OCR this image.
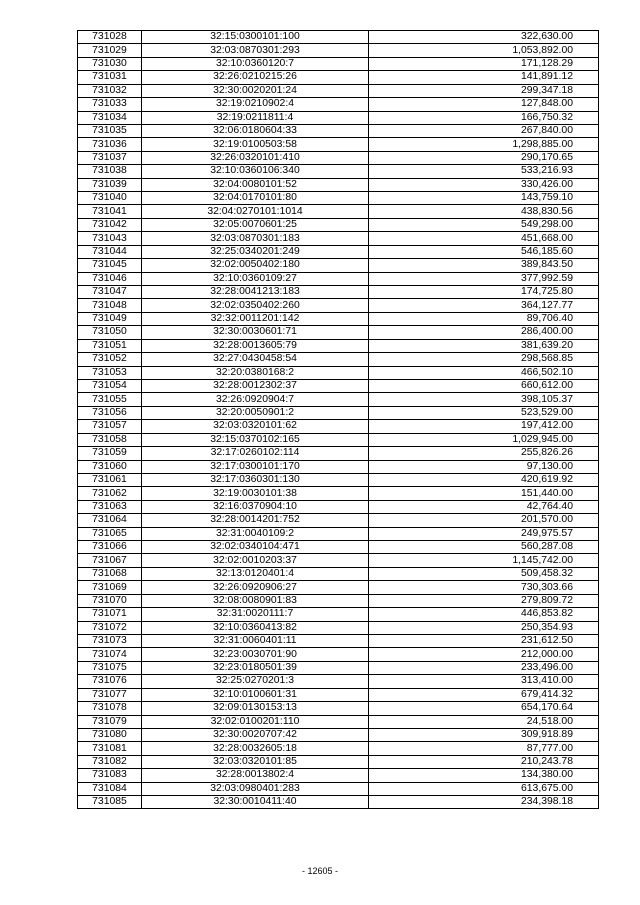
731028	32:15:0300101:100	322,630.00
731029	32:03:0870301:293	1,053,892.00
731030	32:10:0360120:7	171,128.29
731031	32:26:0210215:26	141,891.12
731032	32:30:0020201:24	299,347.18
731033	32:19:0210902:4	127,848.00
731034	32:19:0211811:4	166,750.32
731035	32:06:0180604:33	267,840.00
731036	32:19:0100503:58	1,298,885.00
731037	32:26:0320101:410	290,170.65
731038	32:10:0360106:340	533,216.93
731039	32:04:0080101:52	330,426.00
731040	32:04:0170101:80	143,759.10
731041	32:04:0270101:1014	438,830.56
731042	32:05:0070601:25	549,298.00
731043	32:03:0870301:183	451,668.00
731044	32:25:0340201:249	546,185.60
731045	32:02:0050402:180	389,843.50
731046	32:10:0360109:27	377,992.59
731047	32:28:0041213:183	174,725.80
731048	32:02:0350402:260	364,127.77
731049	32:32:0011201:142	89,706.40
731050	32:30:0030601:71	286,400.00
731051	32:28:0013605:79	381,639.20
731052	32:27:0430458:54	298,568.85
731053	32:20:0380168:2	466,502.10
731054	32:28:0012302:37	660,612.00
731055	32:26:0920904:7	398,105.37
731056	32:20:0050901:2	523,529.00
731057	32:03:0320101:62	197,412.00
731058	32:15:0370102:165	1,029,945.00
731059	32:17:0260102:114	255,826.26
731060	32:17:0300101:170	97,130.00
731061	32:17:0360301:130	420,619.92
731062	32:19:0030101:38	151,440.00
731063	32:16:0370904:10	42,764.40
731064	32:28:0014201:752	201,570.00
731065	32:31:0040109:2	249,975.57
731066	32:02:0340104:471	560,287.08
731067	32:02:0010203:37	1,145,742.00
731068	32:13:0120401:4	509,458.32
731069	32:26:0920906:27	730,303.66
731070	32:08:0080901:83	279,809.72
731071	32:31:0020111:7	446,853.82
731072	32:10:0360413:82	250,354.93
731073	32:31:0060401:11	231,612.50
731074	32:23:0030701:90	212,000.00
731075	32:23:0180501:39	233,496.00
731076	32:25:0270201:3	313,410.00
731077	32:10:0100601:31	679,414.32
731078	32:09:0130153:13	654,170.64
731079	32:02:0100201:110	24,518.00
731080	32:30:0020707:42	309,918.89
731081	32:28:0032605:18	87,777.00
731082	32:03:0320101:85	210,243.78
731083	32:28:0013802:4	134,380.00
731084	32:03:0980401:283	613,675.00
731085	32:30:0010411:40	234,398.18
- 12605 -
